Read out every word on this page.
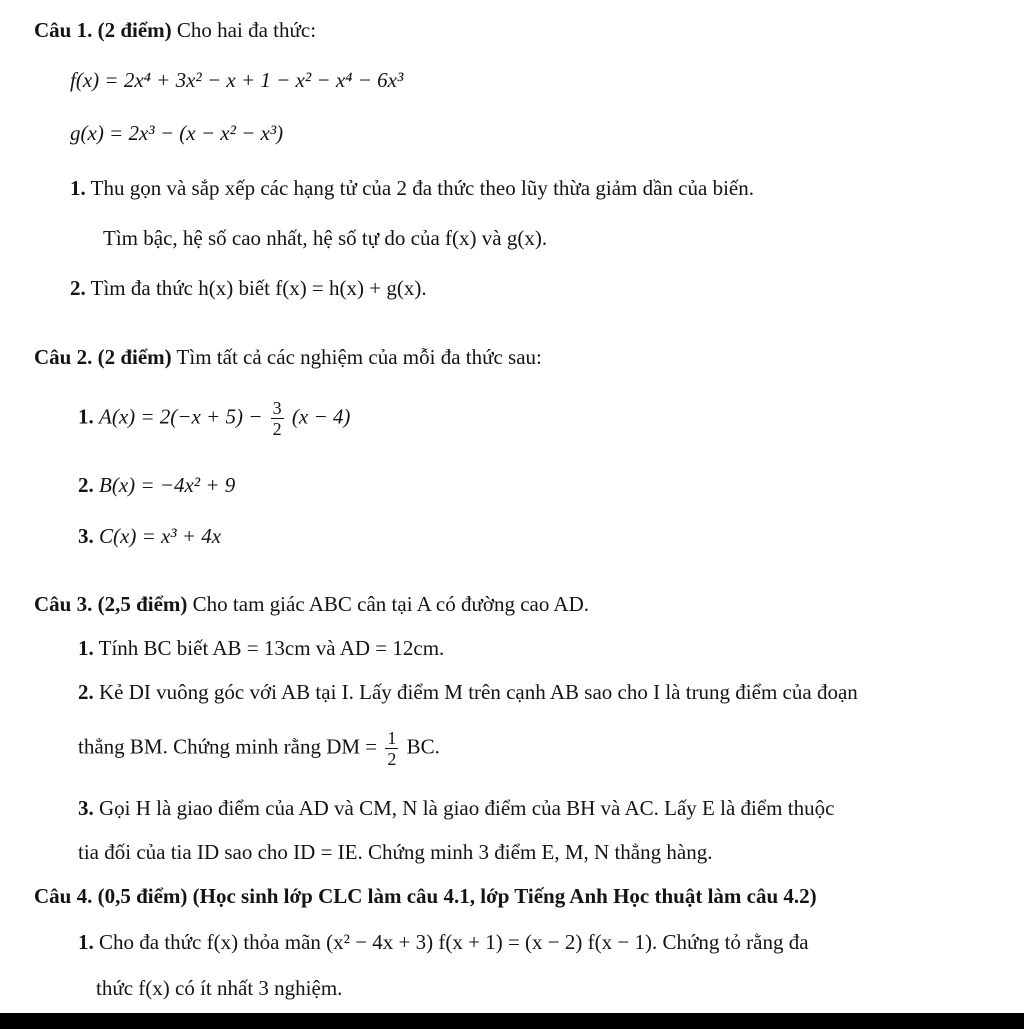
Câu 1. (2 điểm) Cho hai đa thức:
f(x) = 2x⁴ + 3x² − x + 1 − x² − x⁴ − 6x³
g(x) = 2x³ − (x − x² − x³)
1. Thu gọn và sắp xếp các hạng tử của 2 đa thức theo lũy thừa giảm dần của biến.
Tìm bậc, hệ số cao nhất, hệ số tự do của f(x) và g(x).
2. Tìm đa thức h(x) biết f(x) = h(x) + g(x).
Câu 2. (2 điểm) Tìm tất cả các nghiệm của mỗi đa thức sau:
1. $A(x) = 2(-x + 5) - \frac{3}{2} (x - 4)$
2. B(x) = −4x² + 9
3. C(x) = x³ + 4x
Câu 3. (2,5 điểm) Cho tam giác ABC cân tại A có đường cao AD.
1. Tính BC biết AB = 13cm và AD = 12cm.
2. Kẻ DI vuông góc với AB tại I. Lấy điểm M trên cạnh AB sao cho I là trung điểm của đoạn
thẳng BM. Chứng minh rằng DM = $\frac{1}{2}$ BC.
3. Gọi H là giao điểm của AD và CM, N là giao điểm của BH và AC. Lấy E là điểm thuộc
tia đối của tia ID sao cho ID = IE. Chứng minh 3 điểm E, M, N thẳng hàng.
Câu 4. (0,5 điểm) (Học sinh lớp CLC làm câu 4.1, lớp Tiếng Anh Học thuật làm câu 4.2)
1. Cho đa thức f(x) thỏa mãn (x² − 4x + 3) f(x + 1) = (x − 2) f(x − 1). Chứng tỏ rằng đa
thức f(x) có ít nhất 3 nghiệm.
